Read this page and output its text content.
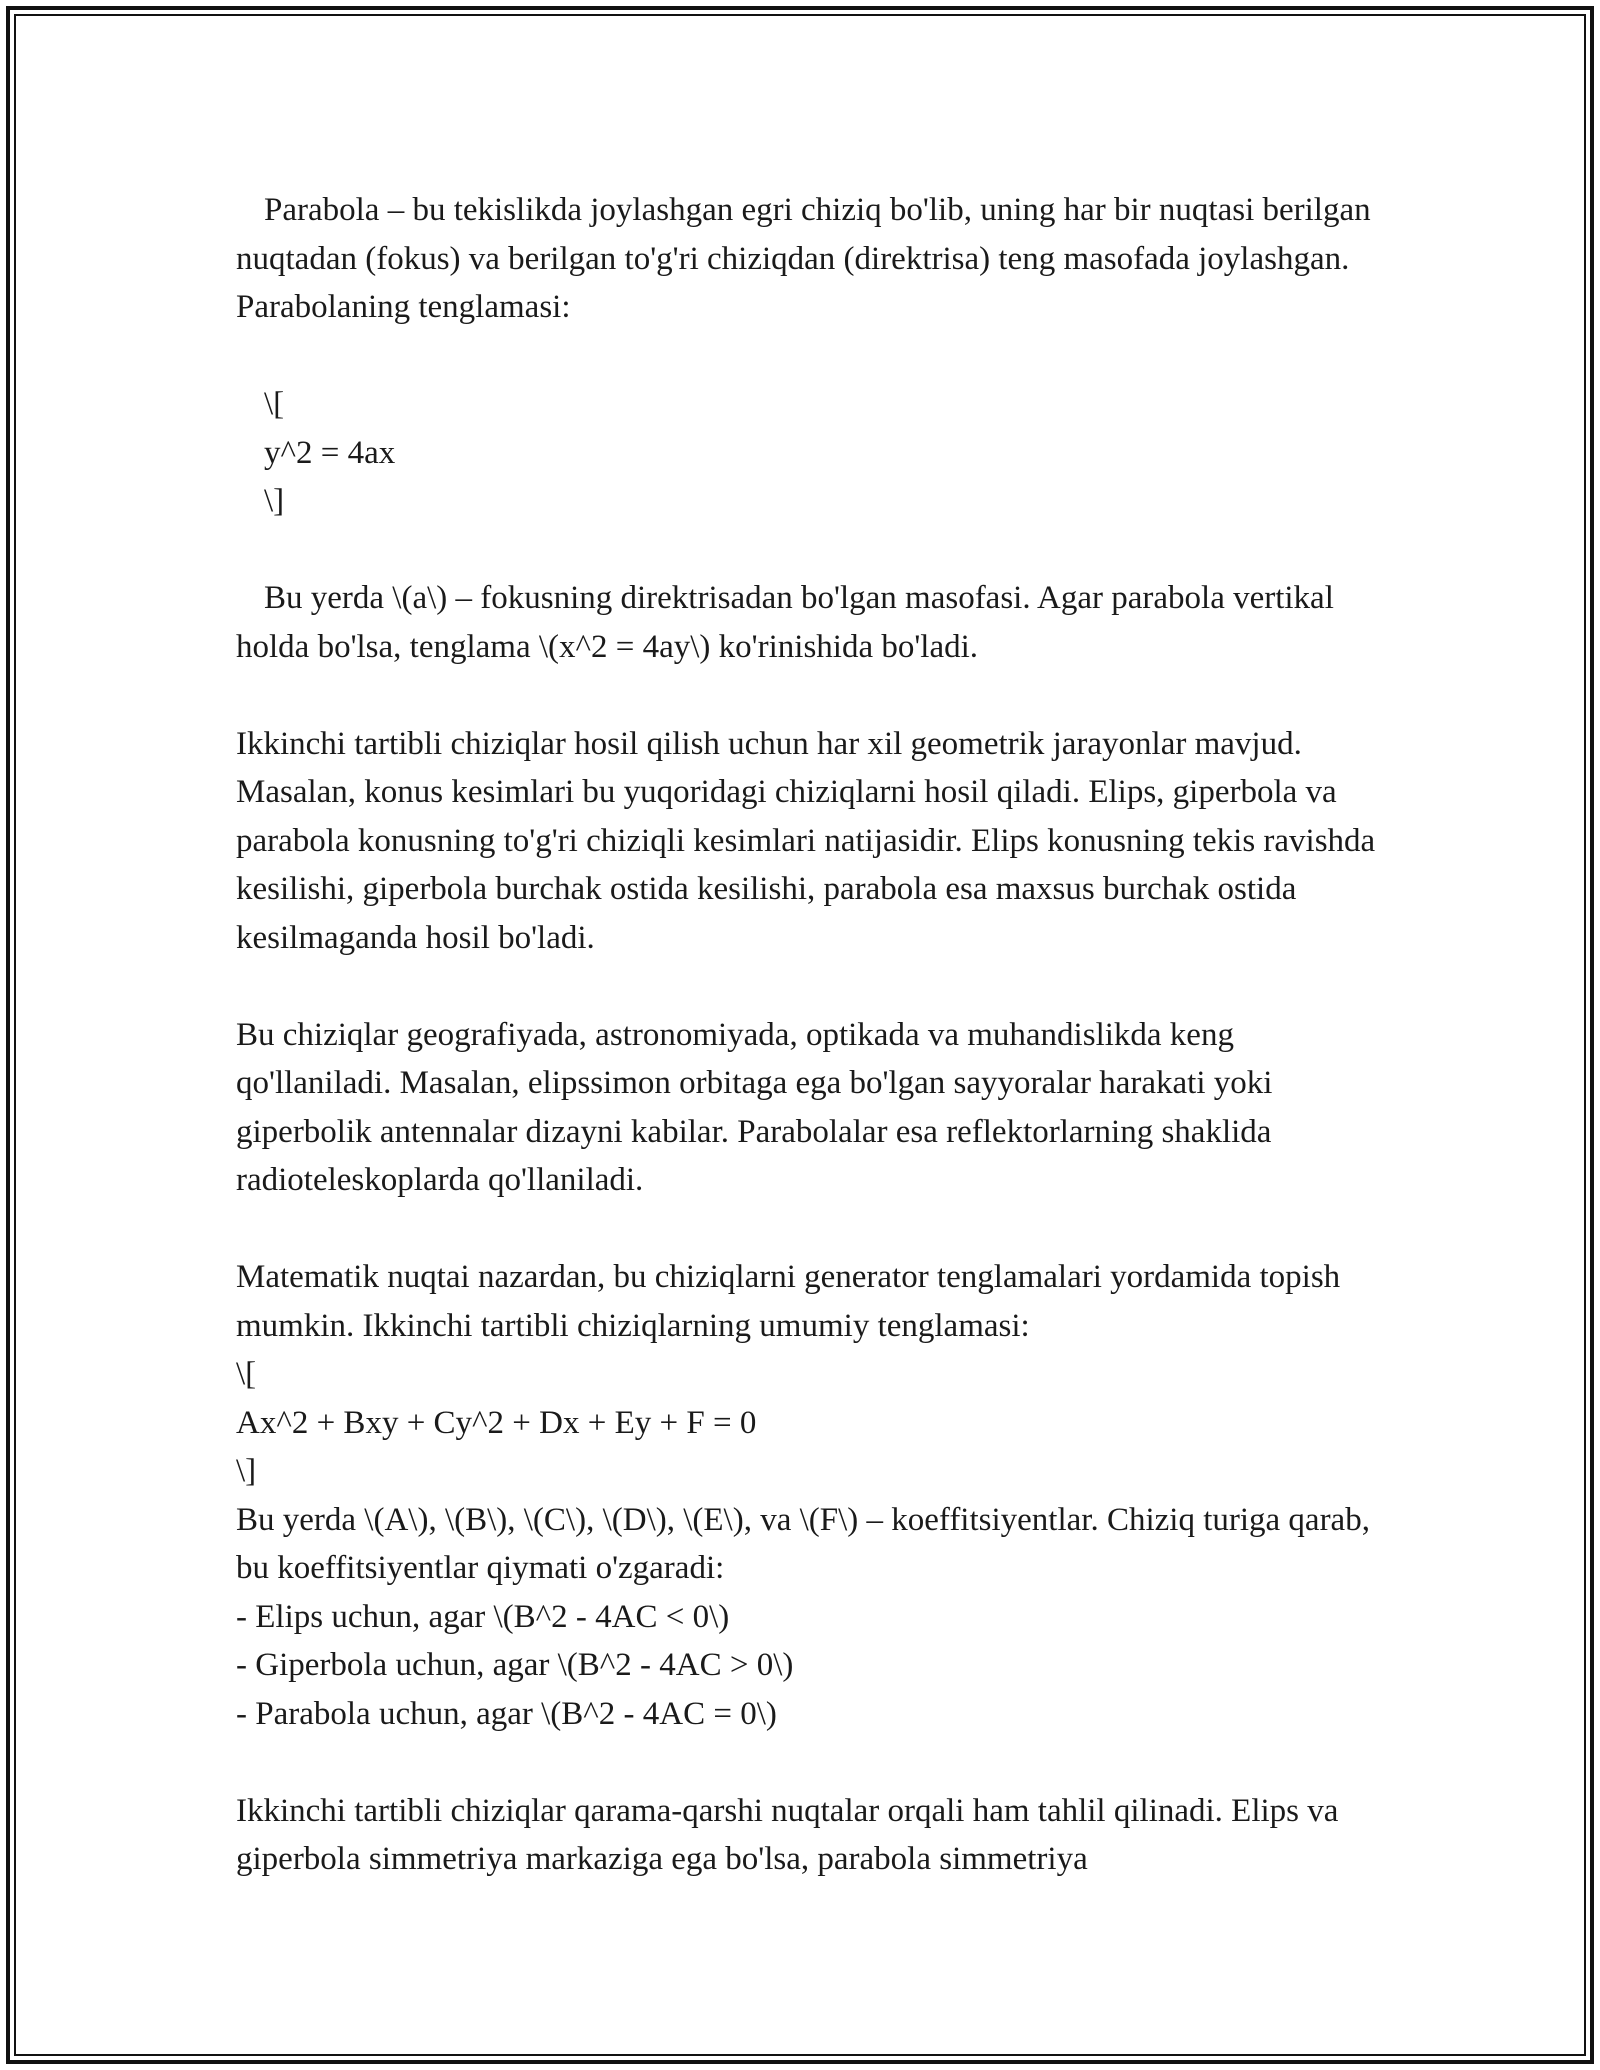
Parabola – bu tekislikda joylashgan egri chiziq bo'lib, uning har bir nuqtasi berilgan nuqtadan (fokus) va berilgan to'g'ri chiziqdan (direktrisa) teng masofada joylashgan. Parabolaning tenglamasi:

\[
y^2 = 4ax
\]

Bu yerda \(a\) – fokusning direktrisadan bo'lgan masofasi. Agar parabola vertikal holda bo'lsa, tenglama \(x^2 = 4ay\) ko'rinishida bo'ladi.

Ikkinchi tartibli chiziqlar hosil qilish uchun har xil geometrik jarayonlar mavjud. Masalan, konus kesimlari bu yuqoridagi chiziqlarni hosil qiladi. Elips, giperbola va parabola konusning to'g'ri chiziqli kesimlari natijasidir. Elips konusning tekis ravishda kesilishi, giperbola burchak ostida kesilishi, parabola esa maxsus burchak ostida kesilmaganda hosil bo'ladi.

Bu chiziqlar geografiyada, astronomiyada, optikada va muhandislikda keng qo'llaniladi. Masalan, elipssimon orbitaga ega bo'lgan sayyoralar harakati yoki giperbolik antennalar dizayni kabilar. Parabolalar esa reflektorlarning shaklida radioteleskoplarda qo'llaniladi.

Matematik nuqtai nazardan, bu chiziqlarni generator tenglamalari yordamida topish mumkin. Ikkinchi tartibli chiziqlarning umumiy tenglamasi:

\[
Ax^2 + Bxy + Cy^2 + Dx + Ey + F = 0
\]

Bu yerda \(A\), \(B\), \(C\), \(D\), \(E\), va \(F\) – koeffitsiyentlar. Chiziq turiga qarab, bu koeffitsiyentlar qiymati o'zgaradi:

- Elips uchun, agar \(B^2 - 4AC < 0\)
- Giperbola uchun, agar \(B^2 - 4AC > 0\)
- Parabola uchun, agar \(B^2 - 4AC = 0\)

Ikkinchi tartibli chiziqlar qarama-qarshi nuqtalar orqali ham tahlil qilinadi. Elips va giperbola simmetriya markaziga ega bo'lsa, parabola simmetriya
